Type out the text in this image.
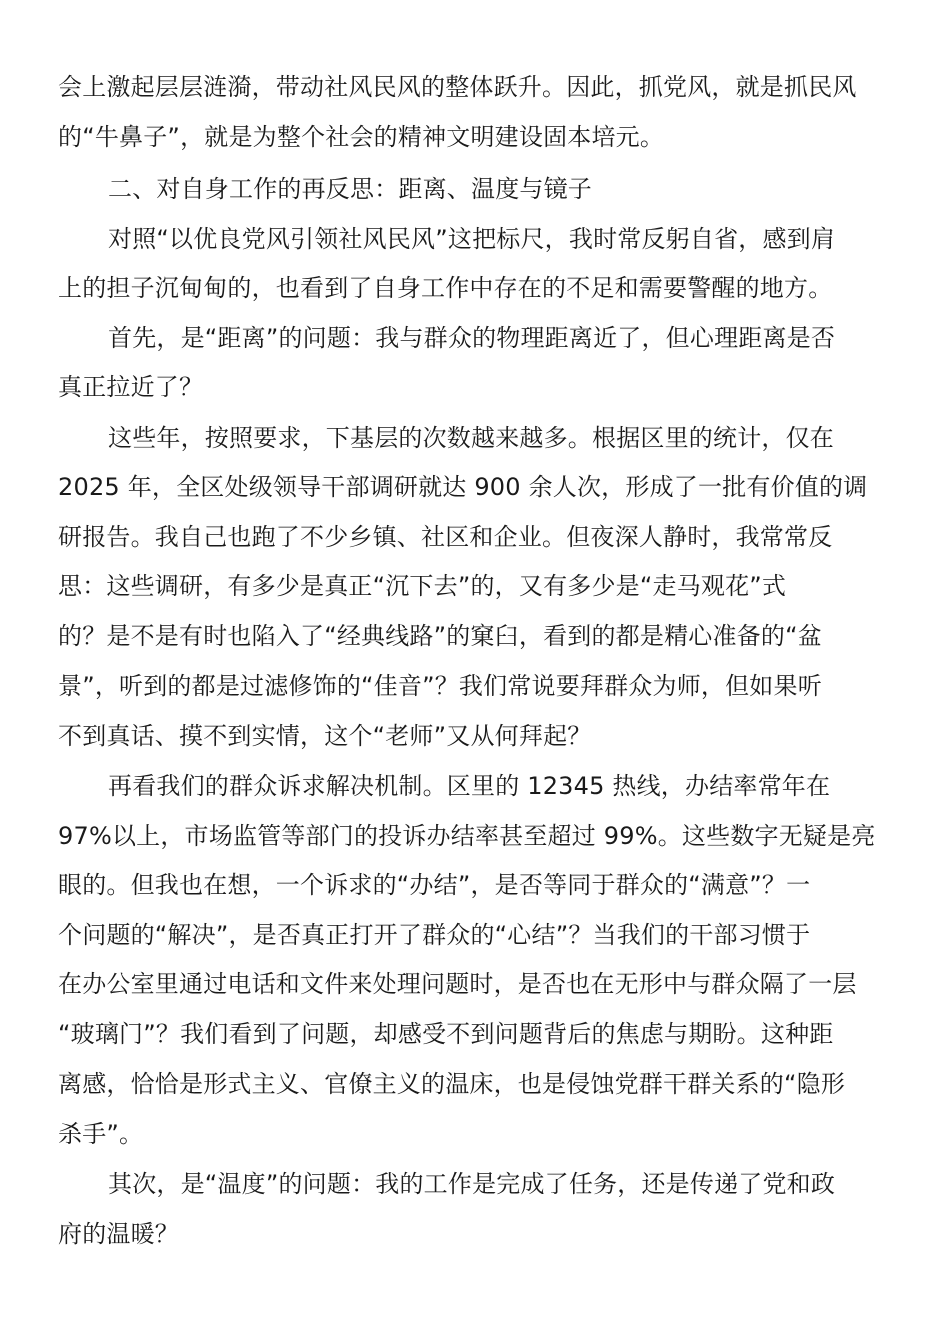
会上激起层层涟漪，带动社风民风的整体跃升。因此，抓党风，就是抓民风
的“牛鼻子”，就是为整个社会的精神文明建设固本培元。
二、对自身工作的再反思：距离、温度与镜子
对照“以优良党风引领社风民风”这把标尺，我时常反躬自省，感到肩
上的担子沉甸甸的，也看到了自身工作中存在的不足和需要警醒的地方。
首先，是“距离”的问题：我与群众的物理距离近了，但心理距离是否
真正拉近了？
这些年，按照要求，下基层的次数越来越多。根据区里的统计，仅在
2025 年，全区处级领导干部调研就达 900 余人次，形成了一批有价值的调
研报告。我自己也跑了不少乡镇、社区和企业。但夜深人静时，我常常反
思：这些调研，有多少是真正“沉下去”的，又有多少是“走马观花”式
的？是不是有时也陷入了“经典线路”的窠臼，看到的都是精心准备的“盆
景”，听到的都是过滤修饰的“佳音”？我们常说要拜群众为师，但如果听
不到真话、摸不到实情，这个“老师”又从何拜起？
再看我们的群众诉求解决机制。区里的 12345 热线，办结率常年在
97%以上，市场监管等部门的投诉办结率甚至超过 99%。这些数字无疑是亮
眼的。但我也在想，一个诉求的“办结”，是否等同于群众的“满意”？一
个问题的“解决”，是否真正打开了群众的“心结”？当我们的干部习惯于
在办公室里通过电话和文件来处理问题时，是否也在无形中与群众隔了一层
“玻璃门”？我们看到了问题，却感受不到问题背后的焦虑与期盼。这种距
离感，恰恰是形式主义、官僚主义的温床，也是侵蚀党群干群关系的“隐形
杀手”。
其次，是“温度”的问题：我的工作是完成了任务，还是传递了党和政
府的温暖？
